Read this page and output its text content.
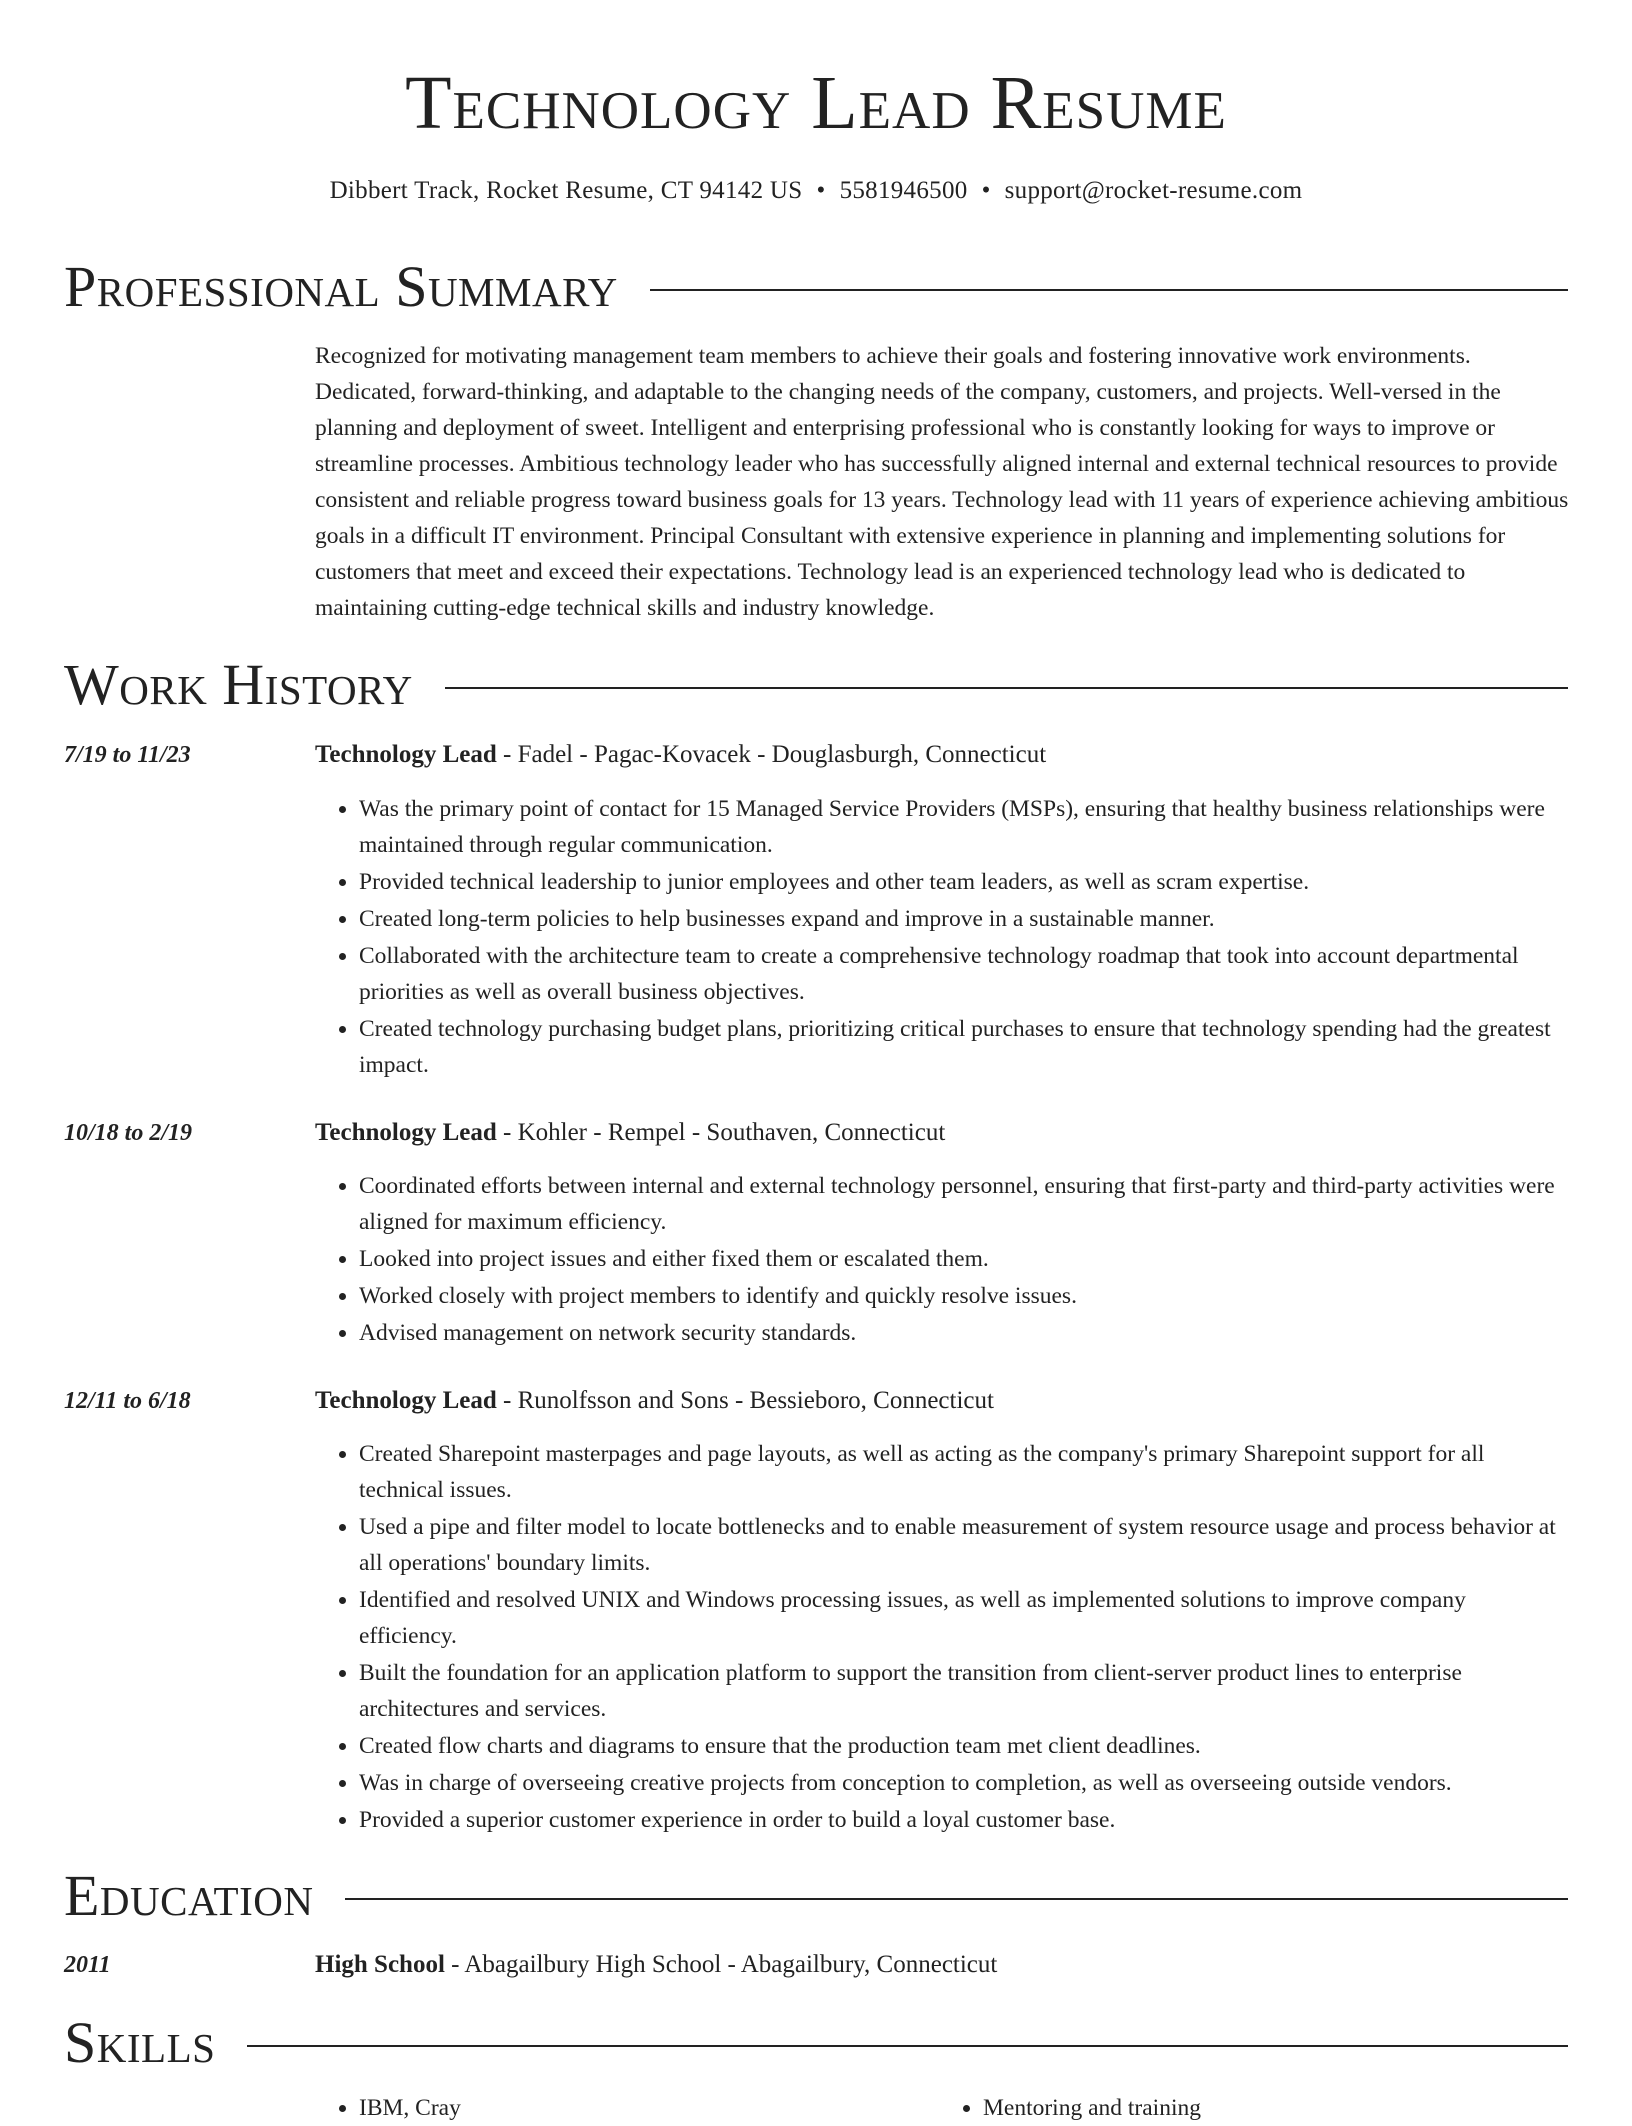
Technology Lead Resume
Dibbert Track, Rocket Resume, CT 94142 US • 5581946500 • support@rocket-resume.com
Professional Summary

Recognized for motivating management team members to achieve their goals and fostering innovative work environments. Dedicated, forward-thinking, and adaptable to the changing needs of the company, customers, and projects. Well-versed in the planning and deployment of sweet. Intelligent and enterprising professional who is constantly looking for ways to improve or streamline processes. Ambitious technology leader who has successfully aligned internal and external technical resources to provide consistent and reliable progress toward business goals for 13 years. Technology lead with 11 years of experience achieving ambitious goals in a difficult IT environment. Principal Consultant with extensive experience in planning and implementing solutions for customers that meet and exceed their expectations. Technology lead is an experienced technology lead who is dedicated to maintaining cutting-edge technical skills and industry knowledge.

Work History
7/19 to 11/23	Technology Lead - Fadel - Pagac-Kovacek - Douglasburgh, Connecticut
• Was the primary point of contact for 15 Managed Service Providers (MSPs), ensuring that healthy business relationships were maintained through regular communication.
• Provided technical leadership to junior employees and other team leaders, as well as scram expertise.
• Created long-term policies to help businesses expand and improve in a sustainable manner.
• Collaborated with the architecture team to create a comprehensive technology roadmap that took into account departmental priorities as well as overall business objectives.
• Created technology purchasing budget plans, prioritizing critical purchases to ensure that technology spending had the greatest impact.
10/18 to 2/19	Technology Lead - Kohler - Rempel - Southaven, Connecticut
• Coordinated efforts between internal and external technology personnel, ensuring that first-party and third-party activities were aligned for maximum efficiency.
• Looked into project issues and either fixed them or escalated them.
• Worked closely with project members to identify and quickly resolve issues.
• Advised management on network security standards.
12/11 to 6/18	Technology Lead - Runolfsson and Sons - Bessieboro, Connecticut
• Created Sharepoint masterpages and page layouts, as well as acting as the company's primary Sharepoint support for all technical issues.
• Used a pipe and filter model to locate bottlenecks and to enable measurement of system resource usage and process behavior at all operations' boundary limits.
• Identified and resolved UNIX and Windows processing issues, as well as implemented solutions to improve company efficiency.
• Built the foundation for an application platform to support the transition from client-server product lines to enterprise architectures and services.
• Created flow charts and diagrams to ensure that the production team met client deadlines.
• Was in charge of overseeing creative projects from conception to completion, as well as overseeing outside vendors.
• Provided a superior customer experience in order to build a loyal customer base.
Education
2011	High School - Abagailbury High School - Abagailbury, Connecticut
Skills
• IBM, Cray
•	Mentoring and training
